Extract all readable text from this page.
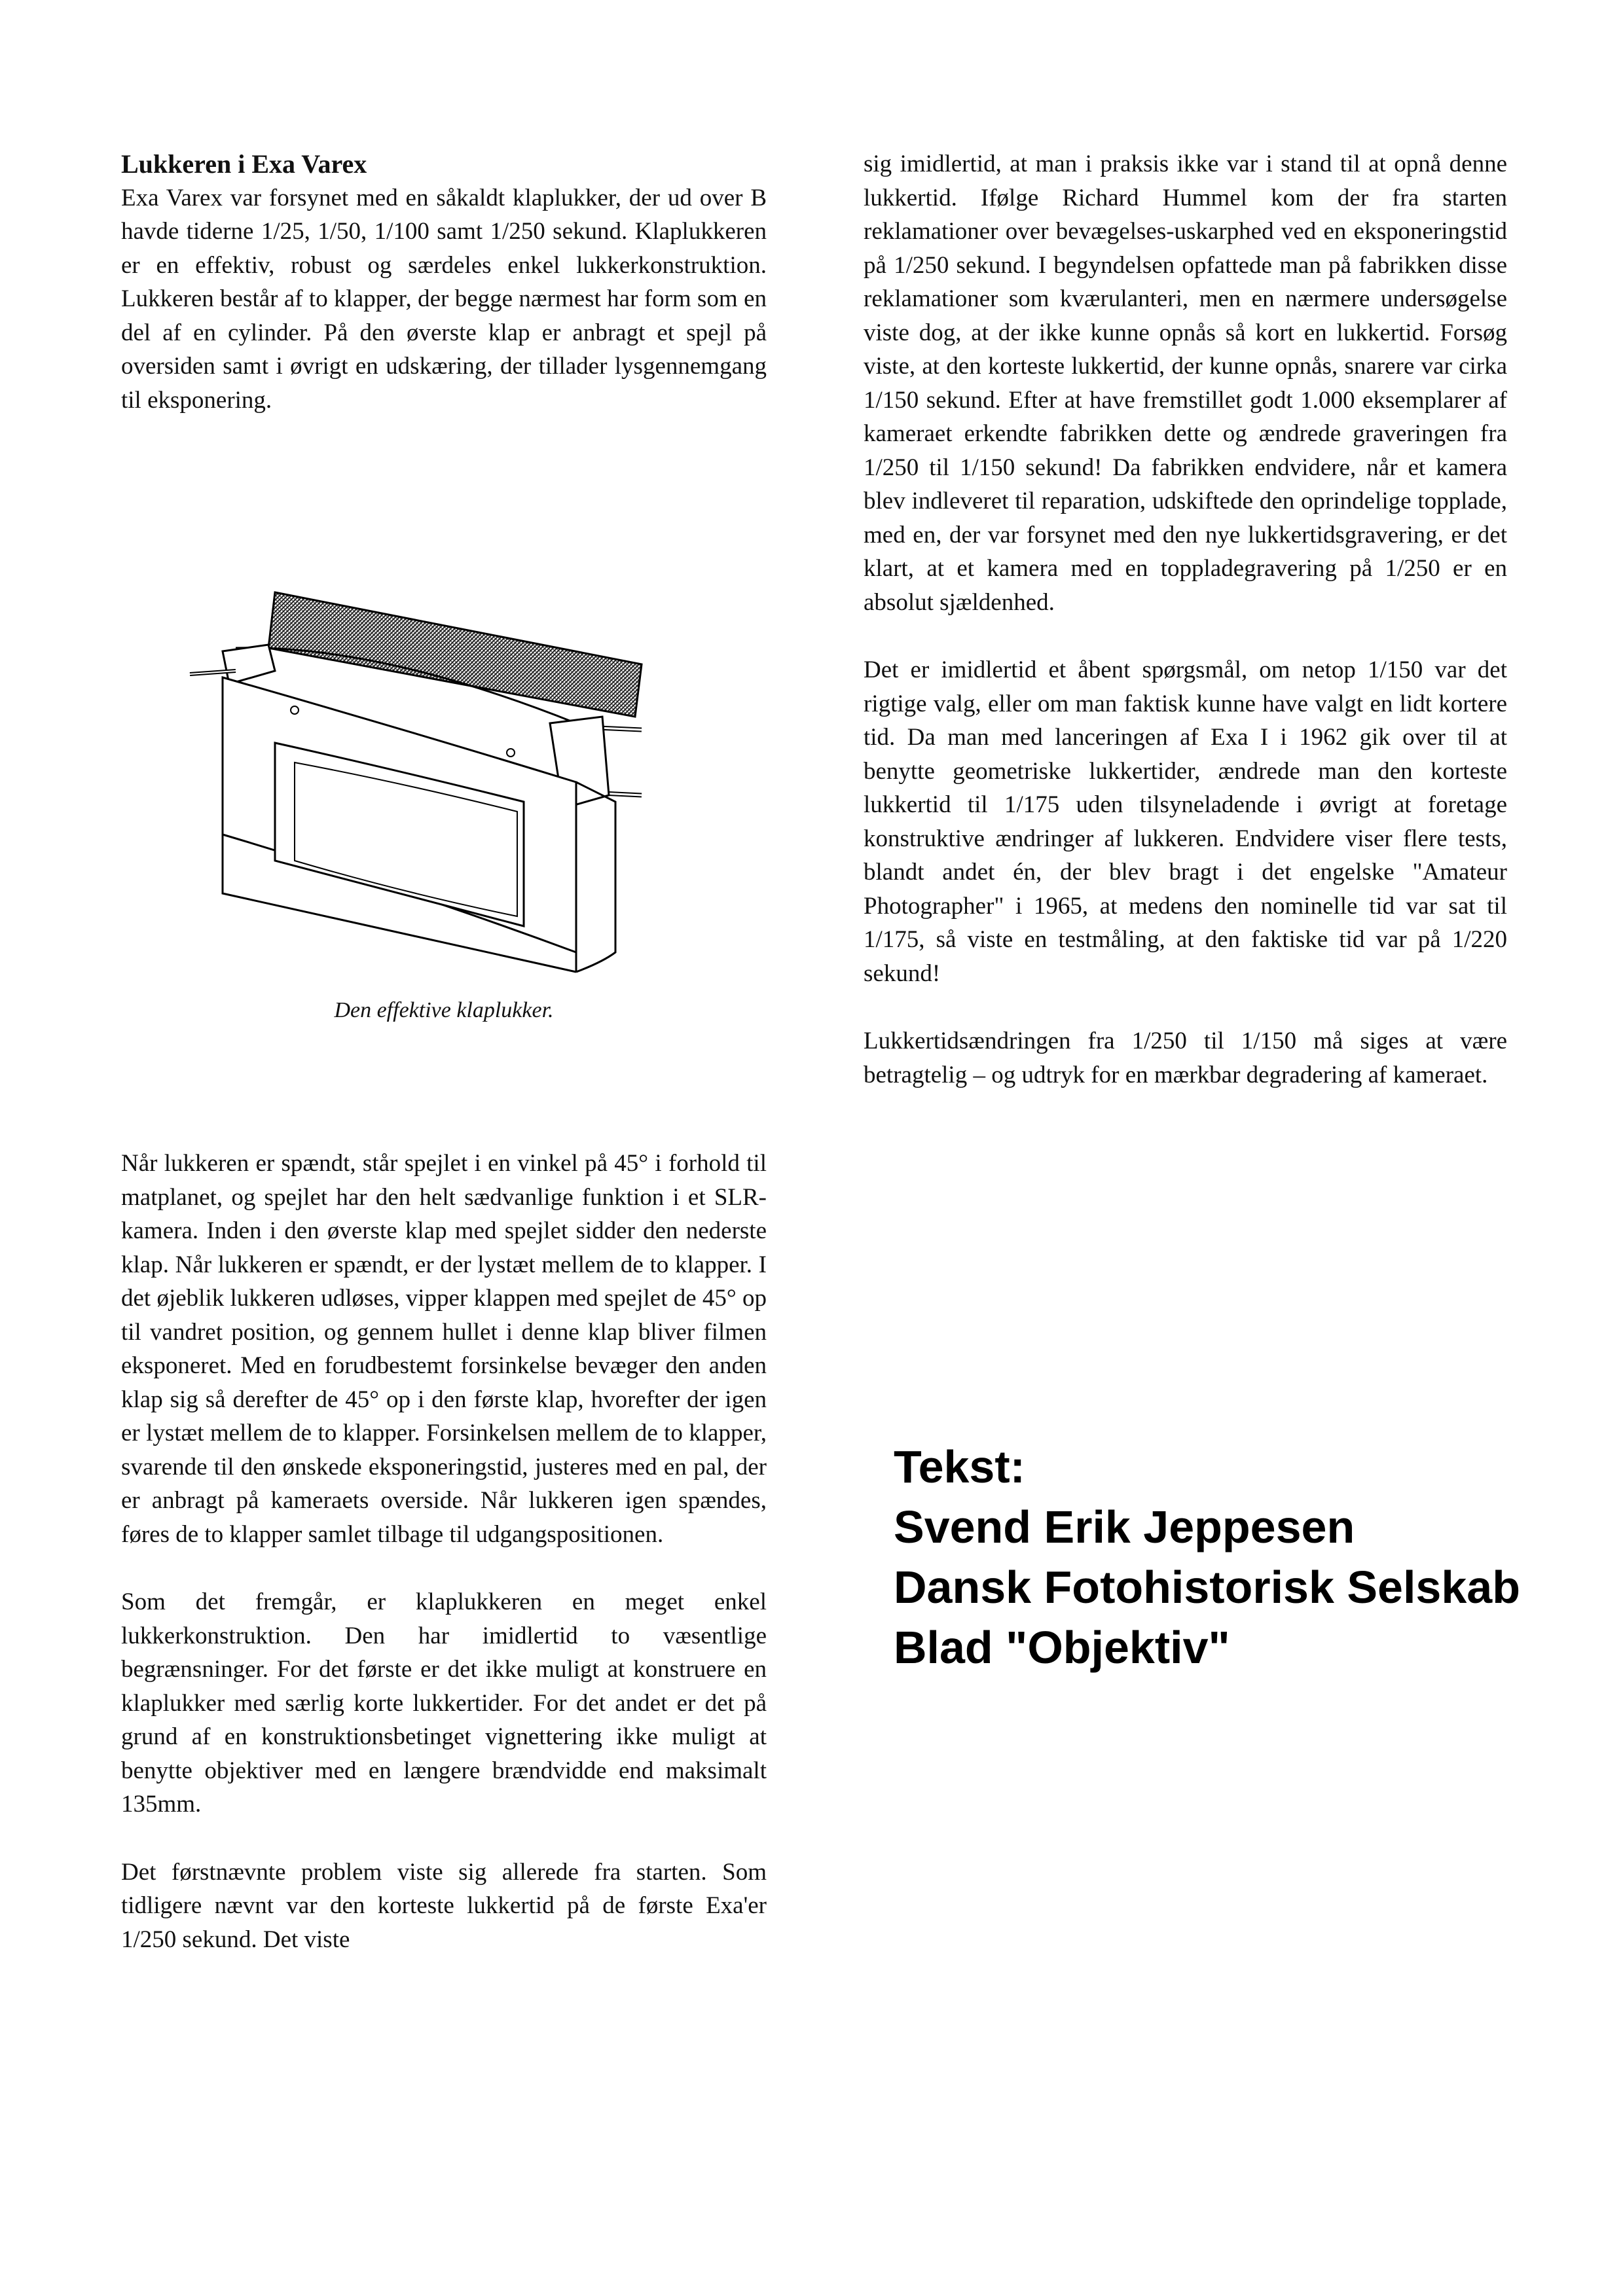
Lukkeren i Exa Varex

Exa Varex var forsynet med en såkaldt klaplukker, der ud over B havde tiderne 1/25, 1/50, 1/100 samt 1/250 sekund. Klaplukkeren er en effektiv, robust og særdeles enkel lukkerkonstruktion. Lukkeren består af to klapper, der begge nærmest har form som en del af en cylinder. På den øverste klap er anbragt et spejl på oversiden samt i øvrigt en udskæring, der tillader lysgennemgang til eksponering.

Den effektive klaplukker.

Når lukkeren er spændt, står spejlet i en vinkel på 45° i forhold til matplanet, og spejlet har den helt sædvanlige funktion i et SLR-kamera. Inden i den øverste klap med spejlet sidder den nederste klap. Når lukkeren er spændt, er der lystæt mellem de to klapper. I det øjeblik lukkeren udløses, vipper klappen med spejlet de 45° op til vandret position, og gennem hullet i denne klap bliver filmen eksponeret. Med en forudbestemt forsinkelse bevæger den anden klap sig så derefter de 45° op i den første klap, hvorefter der igen er lystæt mellem de to klapper. Forsinkelsen mellem de to klapper, svarende til den ønskede eksponeringstid, justeres med en pal, der er anbragt på kameraets overside. Når lukkeren igen spændes, føres de to klapper samlet tilbage til udgangspositionen.

Som det fremgår, er klaplukkeren en meget enkel lukkerkonstruktion. Den har imidlertid to væsentlige begrænsninger. For det første er det ikke muligt at konstruere en klaplukker med særlig korte lukkertider. For det andet er det på grund af en konstruktionsbetinget vignettering ikke muligt at benytte objektiver med en længere brændvidde end maksimalt 135mm.

Det førstnævnte problem viste sig allerede fra starten. Som tidligere nævnt var den korteste lukkertid på de første Exa'er 1/250 sekund. Det viste

sig imidlertid, at man i praksis ikke var i stand til at opnå denne lukkertid. Ifølge Richard Hummel kom der fra starten reklamationer over bevægelses-uskarphed ved en eksponeringstid på 1/250 sekund. I begyndelsen opfattede man på fabrikken disse reklamationer som kværulanteri, men en nærmere undersøgelse viste dog, at der ikke kunne opnås så kort en lukkertid. Forsøg viste, at den korteste lukkertid, der kunne opnås, snarere var cirka 1/150 sekund. Efter at have fremstillet godt 1.000 eksemplarer af kameraet erkendte fabrikken dette og ændrede graveringen fra 1/250 til 1/150 sekund! Da fabrikken endvidere, når et kamera blev indleveret til reparation, udskiftede den oprindelige topplade, med en, der var forsynet med den nye lukkertidsgravering, er det klart, at et kamera med en toppladegravering på 1/250 er en absolut sjældenhed.

Det er imidlertid et åbent spørgsmål, om netop 1/150 var det rigtige valg, eller om man faktisk kunne have valgt en lidt kortere tid. Da man med lanceringen af Exa I i 1962 gik over til at benytte geometriske lukkertider, ændrede man den korteste lukkertid til 1/175 uden tilsyneladende i øvrigt at foretage konstruktive ændringer af lukkeren. Endvidere viser flere tests, blandt andet én, der blev bragt i det engelske "Amateur Photographer" i 1965, at medens den nominelle tid var sat til 1/175, så viste en testmåling, at den faktiske tid var på 1/220 sekund!

Lukkertidsændringen fra 1/250 til 1/150 må siges at være betragtelig – og udtryk for en mærkbar degradering af kameraet.

Tekst:

Svend Erik Jeppesen

Dansk Fotohistorisk Selskab

Blad "Objektiv"
